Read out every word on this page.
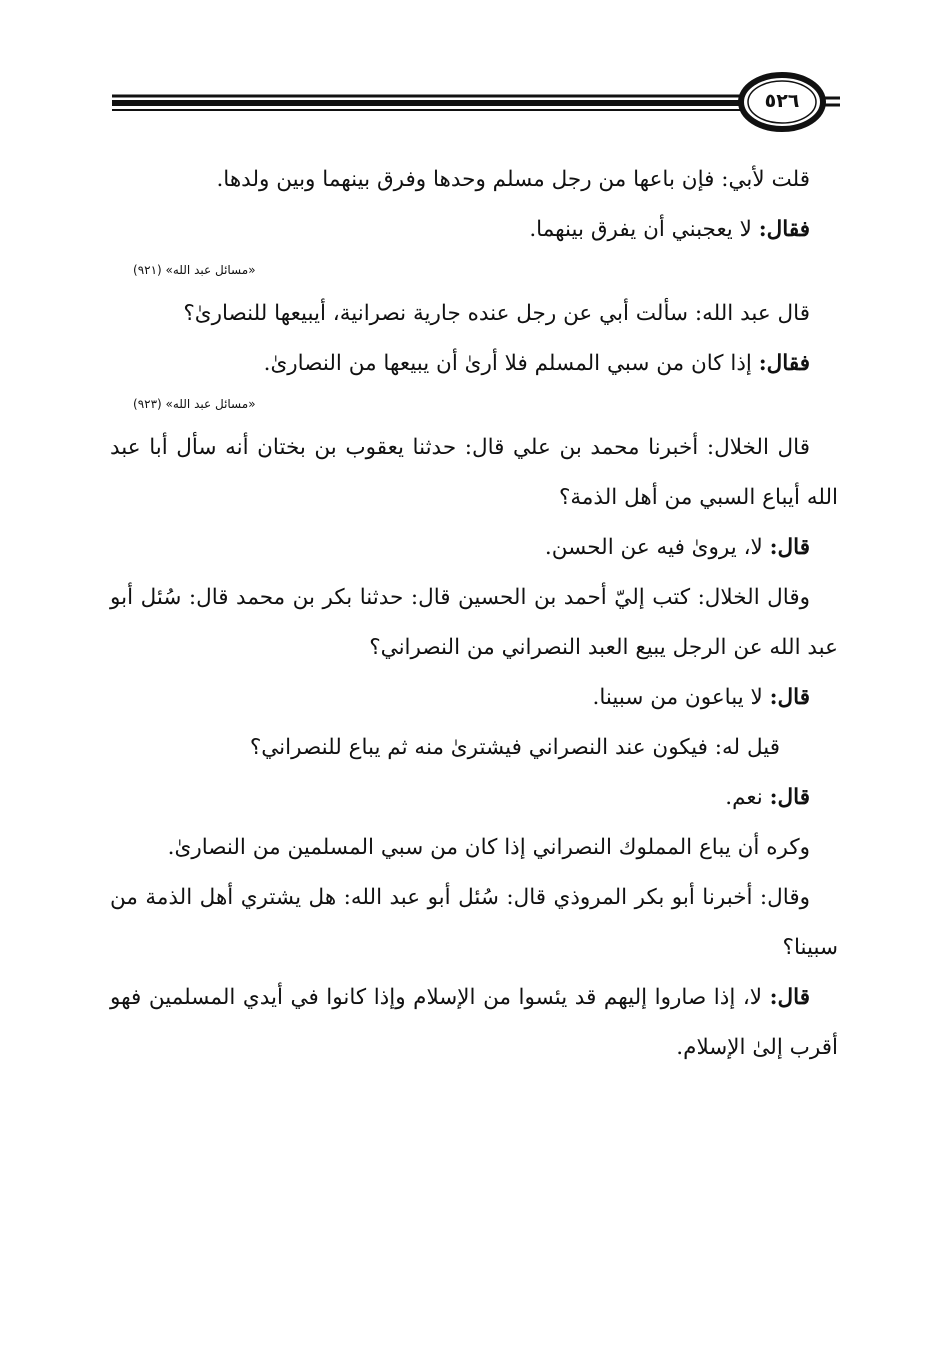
٥٢٦

قلت لأبي: فإن باعها من رجل مسلم وحدها وفرق بينهما وبين ولدها.

فقال: لا يعجبني أن يفرق بينهما.

«مسائل عبد الله» (٩٢١)

قال عبد الله: سألت أبي عن رجل عنده جارية نصرانية، أيبيعها للنصارىٰ؟

فقال: إذا كان من سبي المسلم فلا أرىٰ أن يبيعها من النصارىٰ.

«مسائل عبد الله» (٩٢٣)

قال الخلال: أخبرنا محمد بن علي قال: حدثنا يعقوب بن بختان أنه سأل أبا عبد الله أيباع السبي من أهل الذمة؟

قال: لا، يروىٰ فيه عن الحسن.

وقال الخلال: كتب إليّ أحمد بن الحسين قال: حدثنا بكر بن محمد قال: سُئل أبو عبد الله عن الرجل يبيع العبد النصراني من النصراني؟

قال: لا يباعون من سبينا.

قيل له: فيكون عند النصراني فيشترىٰ منه ثم يباع للنصراني؟

قال: نعم.

وكره أن يباع المملوك النصراني إذا كان من سبي المسلمين من النصارىٰ.

وقال: أخبرنا أبو بكر المروذي قال: سُئل أبو عبد الله: هل يشتري أهل الذمة من سبينا؟

قال: لا، إذا صاروا إليهم قد يئسوا من الإسلام وإذا كانوا في أيدي المسلمين فهو أقرب إلىٰ الإسلام.
